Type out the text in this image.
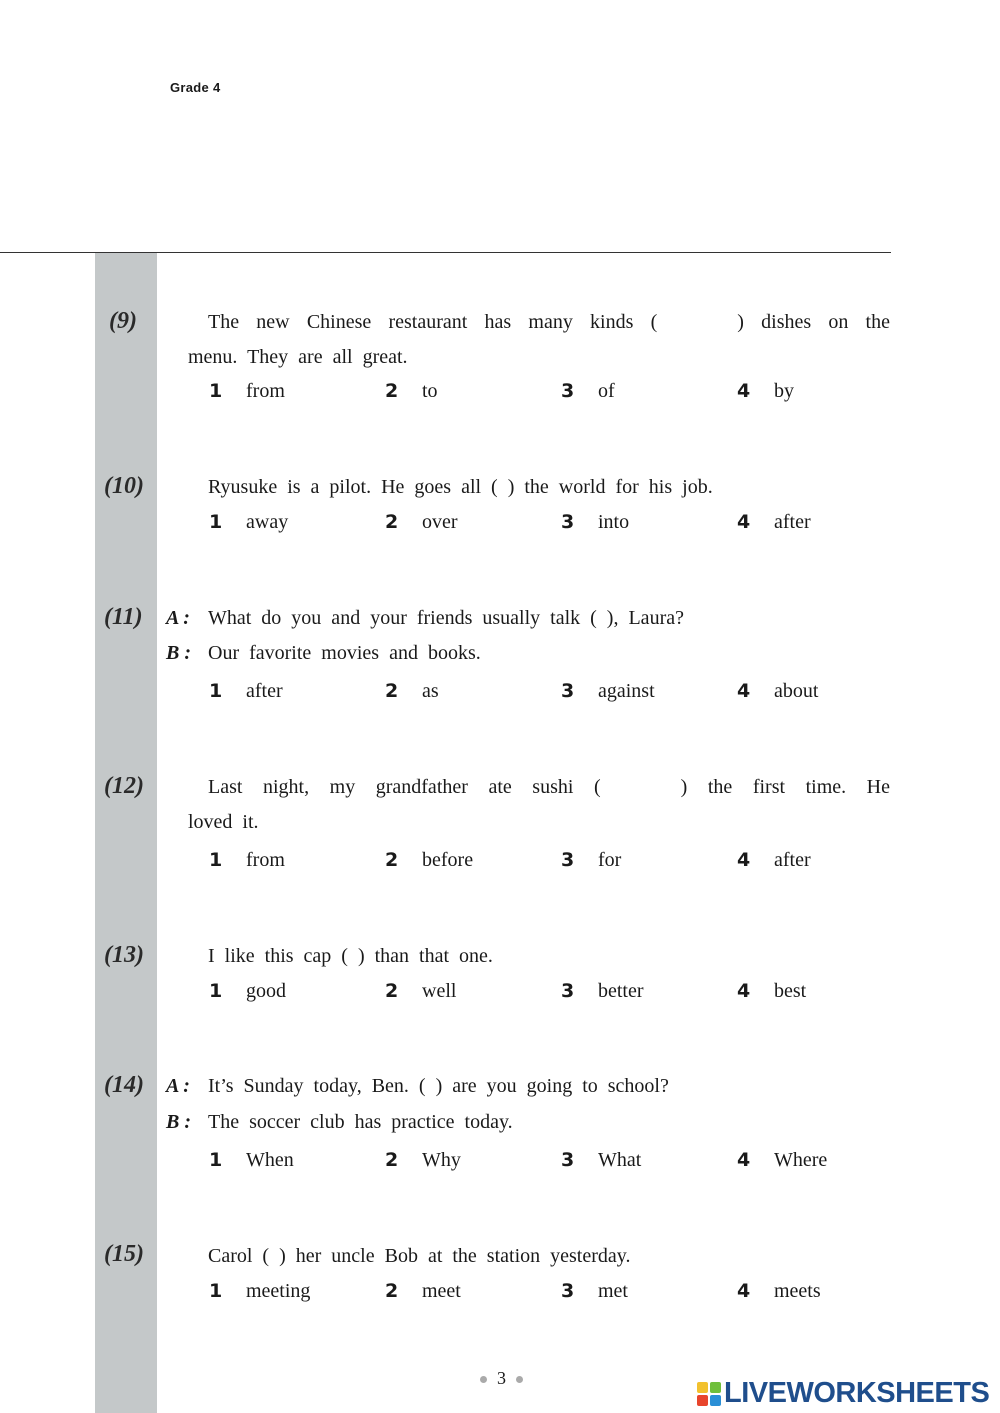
Grade 4
(9)	The new Chinese restaurant has many kinds (    ) dishes on the
menu. They are all great.
1 from	2 to	3 of	4 by
(10)	Ryusuke is a pilot. He goes all ( ) the world for his job.
1 away	2 over	3 into	4 after
(11) A : What do you and your friends usually talk ( ), Laura?
B : Our favorite movies and books.
1 after	2 as	3 against	4 about
(12)	Last night, my grandfather ate sushi (    ) the first time. He
loved it.
1 from	2 before	3 for	4 after
(13)	I like this cap ( ) than that one.
1 good	2 well	3 better	4 best
(14) A : It’s Sunday today, Ben. ( ) are you going to school?
B : The soccer club has practice today.
1 When	2 Why	3 What	4 Where
(15)	Carol ( ) her uncle Bob at the station yesterday.
1 meeting	2 meet	3 met	4 meets
3	LIVEWORKSHEETS
